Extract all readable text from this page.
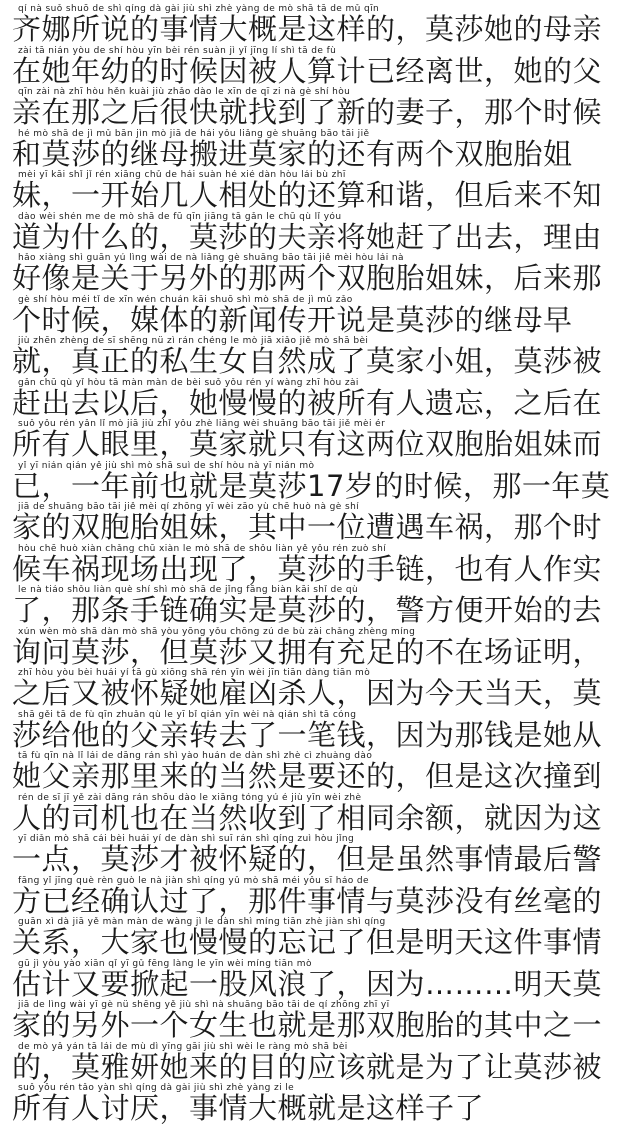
qí nà suǒ shuō de shì qíng dà gài jiù shì zhè yàng de mò shā tā de mǔ qīn
齐娜所说的事情大概是这样的，莫莎她的母亲
zài tā nián yòu de shí hòu yīn bèi rén suàn jì yǐ jīng lí shì tā de fù
在她年幼的时候因被人算计已经离世，她的父
qīn zài nà zhī hòu hěn kuài jiù zhǎo dào le xīn de qī zi nà gè shí hòu
亲在那之后很快就找到了新的妻子，那个时候
hé mò shā de jì mǔ bān jìn mò jiā de hái yǒu liǎng gè shuāng bāo tāi jiě
和莫莎的继母搬进莫家的还有两个双胞胎姐
mèi yī kāi shǐ jǐ rén xiāng chǔ de hái suàn hé xié dàn hòu lái bù zhī
妹，一开始几人相处的还算和谐，但后来不知
dào wèi shén me de mò shā de fū qīn jiāng tā gǎn le chū qù lǐ yóu
道为什么的，莫莎的夫亲将她赶了出去，理由
hǎo xiàng shì guān yú lìng wài de nà liǎng gè shuāng bāo tāi jiě mèi hòu lái nà
好像是关于另外的那两个双胞胎姐妹，后来那
gè shí hòu méi tǐ de xīn wén chuán kāi shuō shì mò shā de jì mǔ zǎo
个时候，媒体的新闻传开说是莫莎的继母早
jiù zhēn zhèng de sī shēng nǚ zì rán chéng le mò jiā xiǎo jiě mò shā bèi
就，真正的私生女自然成了莫家小姐，莫莎被
gǎn chū qù yǐ hòu tā màn màn de bèi suǒ yǒu rén yí wàng zhī hòu zài
赶出去以后，她慢慢的被所有人遗忘，之后在
suǒ yǒu rén yǎn lǐ mò jiā jiù zhǐ yǒu zhè liǎng wèi shuāng bāo tāi jiě mèi ér
所有人眼里，莫家就只有这两位双胞胎姐妹而
yǐ yī nián qián yě jiù shì mò shā suì de shí hòu nà yī nián mò
已，一年前也就是莫莎17岁的时候，那一年莫
jiā de shuāng bāo tāi jiě mèi qí zhōng yī wèi zāo yù chē huò nà gè shí
家的双胞胎姐妹，其中一位遭遇车祸，那个时
hòu chē huò xiàn chǎng chū xiàn le mò shā de shǒu liàn yě yǒu rén zuò shí
候车祸现场出现了，莫莎的手链，也有人作实
le nà tiáo shǒu liàn què shí shì mò shā de jǐng fāng biàn kāi shǐ de qù
了，那条手链确实是莫莎的，警方便开始的去
xún wèn mò shā dàn mò shā yòu yōng yǒu chōng zú de bù zài chǎng zhèng míng
询问莫莎，但莫莎又拥有充足的不在场证明，
zhī hòu yòu bèi huái yí tā gù xiōng shā rén yīn wèi jīn tiān dàng tiān mò
之后又被怀疑她雇凶杀人，因为今天当天，莫
shā gěi tā de fù qīn zhuǎn qù le yī bǐ qián yīn wèi nà qián shì tā cóng
莎给他的父亲转去了一笔钱，因为那钱是她从
tā fù qīn nà lǐ lái de dāng rán shì yào huán de dàn shì zhè cì zhuàng dào
她父亲那里来的当然是要还的，但是这次撞到
rén de sī jī yě zài dāng rán shōu dào le xiāng tóng yú é jiù yīn wèi zhè
人的司机也在当然收到了相同余额，就因为这
yī diǎn mò shā cái bèi huái yí de dàn shì suī rán shì qíng zuì hòu jǐng
一点，莫莎才被怀疑的，但是虽然事情最后警
fāng yǐ jīng què rèn guò le nà jiàn shì qíng yǔ mò shā méi yǒu sī háo de
方已经确认过了，那件事情与莫莎没有丝毫的
guān xì dà jiā yě màn màn de wàng jì le dàn shì míng tiān zhè jiàn shì qíng
关系，大家也慢慢的忘记了但是明天这件事情
gū jì yòu yào xiān qǐ yī gǔ fēng làng le yīn wèi míng tiān mò
估计又要掀起一股风浪了，因为………明天莫
jiā de lìng wài yī gè nǚ shēng yě jiù shì nà shuāng bāo tāi de qí zhōng zhī yī
家的另外一个女生也就是那双胞胎的其中之一
de mò yǎ yán tā lái de mù dì yīng gāi jiù shì wèi le ràng mò shā bèi
的，莫雅妍她来的目的应该就是为了让莫莎被
suǒ yǒu rén tǎo yàn shì qíng dà gài jiù shì zhè yàng zi le
所有人讨厌，事情大概就是这样子了
